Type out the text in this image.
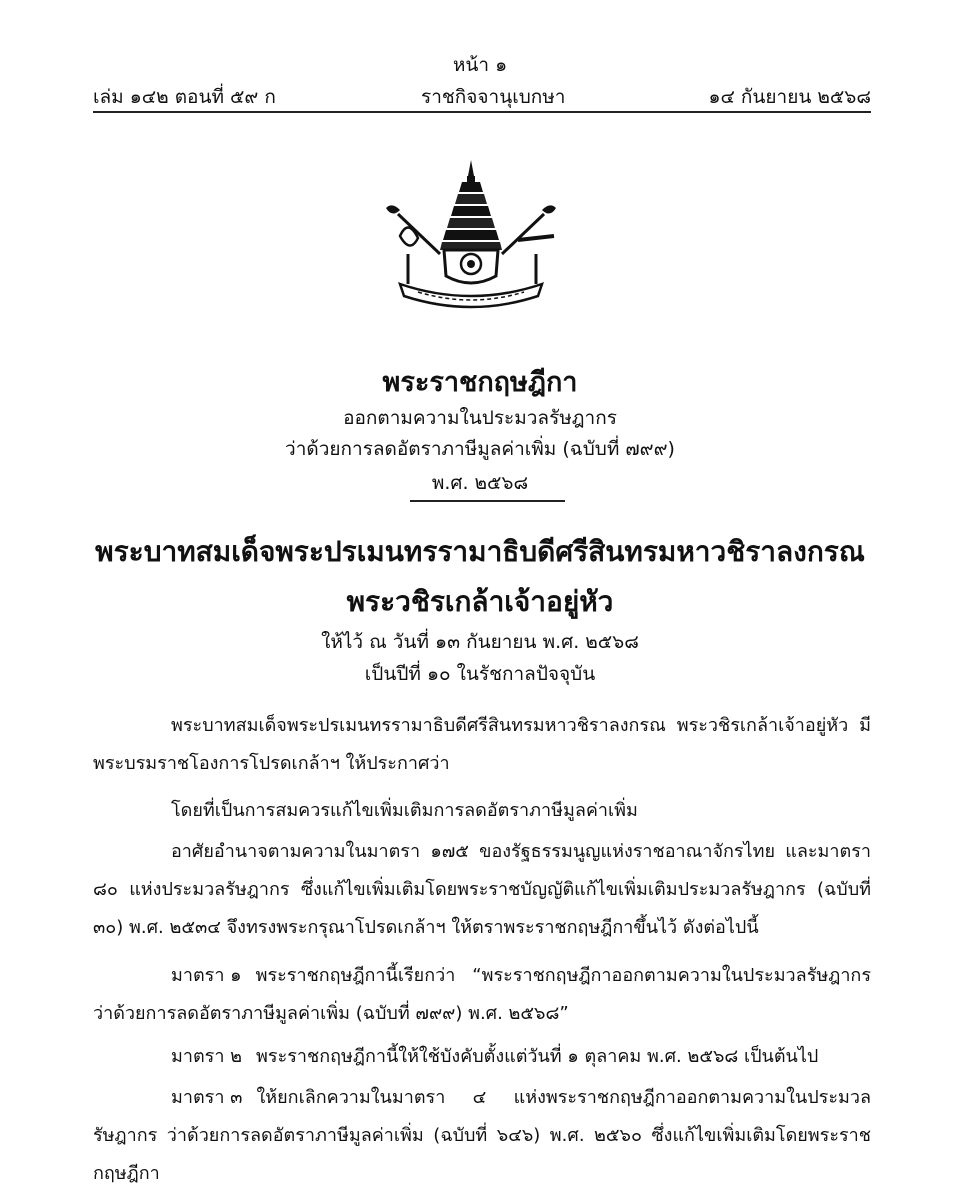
หน้า ๑
เล่ม ๑๔๒ ตอนที่ ๕๙ ก	ราชกิจจานุเบกษา	๑๔ กันยายน ๒๕๖๘
พระราชกฤษฎีกา
ออกตามความในประมวลรัษฎากร
ว่าด้วยการลดอัตราภาษีมูลค่าเพิ่ม (ฉบับที่ ๗๙๙)
พ.ศ. ๒๕๖๘
พระบาทสมเด็จพระปรเมนทรรามาธิบดีศรีสินทรมหาวชิราลงกรณ
พระวชิรเกล้าเจ้าอยู่หัว
ให้ไว้ ณ วันที่ ๑๓ กันยายน พ.ศ. ๒๕๖๘
เป็นปีที่ ๑๐ ในรัชกาลปัจจุบัน
พระบาทสมเด็จพระปรเมนทรรามาธิบดีศรีสินทรมหาวชิราลงกรณ พระวชิรเกล้าเจ้าอยู่หัว มีพระบรมราชโองการโปรดเกล้าฯ ให้ประกาศว่า
โดยที่เป็นการสมควรแก้ไขเพิ่มเติมการลดอัตราภาษีมูลค่าเพิ่ม
อาศัยอำนาจตามความในมาตรา ๑๗๕ ของรัฐธรรมนูญแห่งราชอาณาจักรไทย และมาตรา ๘๐ แห่งประมวลรัษฎากร ซึ่งแก้ไขเพิ่มเติมโดยพระราชบัญญัติแก้ไขเพิ่มเติมประมวลรัษฎากร (ฉบับที่ ๓๐) พ.ศ. ๒๕๓๔ จึงทรงพระกรุณาโปรดเกล้าฯ ให้ตราพระราชกฤษฎีกาขึ้นไว้ ดังต่อไปนี้
มาตรา ๑ พระราชกฤษฎีกานี้เรียกว่า “พระราชกฤษฎีกาออกตามความในประมวลรัษฎากร ว่าด้วยการลดอัตราภาษีมูลค่าเพิ่ม (ฉบับที่ ๗๙๙) พ.ศ. ๒๕๖๘”
มาตรา ๒ พระราชกฤษฎีกานี้ให้ใช้บังคับตั้งแต่วันที่ ๑ ตุลาคม พ.ศ. ๒๕๖๘ เป็นต้นไป
มาตรา ๓ ให้ยกเลิกความในมาตรา ๔ แห่งพระราชกฤษฎีกาออกตามความในประมวลรัษฎากร ว่าด้วยการลดอัตราภาษีมูลค่าเพิ่ม (ฉบับที่ ๖๔๖) พ.ศ. ๒๕๖๐ ซึ่งแก้ไขเพิ่มเติมโดยพระราชกฤษฎีกา
